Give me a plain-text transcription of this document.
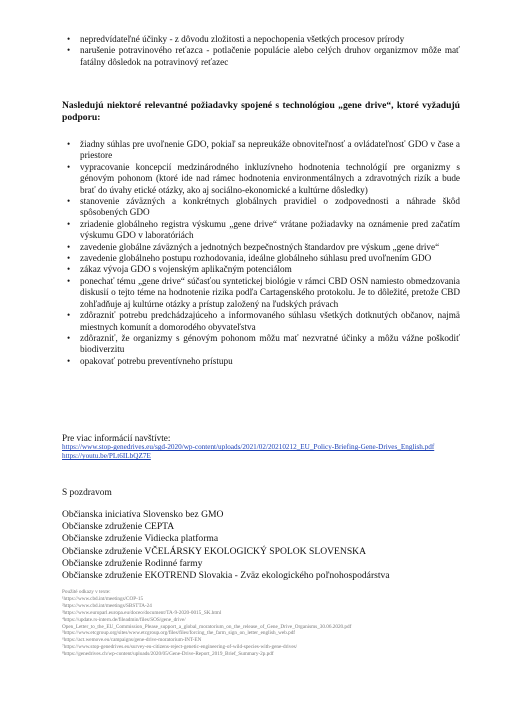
• nepredvídateľné účinky - z dôvodu zložitosti a nepochopenia všetkých procesov prírody
• narušenie potravinového reťazca - potlačenie populácie alebo celých druhov organizmov môže mať fatálny dôsledok na potravinový reťazec
Nasledujú niektoré relevantné požiadavky spojené s technológiou „gene drive“, ktoré vyžadujú podporu:
• žiadny súhlas pre uvoľnenie GDO, pokiaľ sa nepreukáže obnoviteľnosť a ovládateľnosť GDO v čase a priestore
• vypracovanie koncepcií medzinárodného inkluzívneho hodnotenia technológií pre organizmy s génovým pohonom (ktoré ide nad rámec hodnotenia environmentálnych a zdravotných rizík a bude brať do úvahy etické otázky, ako aj sociálno-ekonomické a kultúrne dôsledky)
• stanovenie záväzných a konkrétnych globálnych pravidiel o zodpovednosti a náhrade škôd spôsobených GDO
• zriadenie globálneho registra výskumu „gene drive“ vrátane požiadavky na oznámenie pred začatím výskumu GDO v laboratóriách
• zavedenie globálne záväzných a jednotných bezpečnostných štandardov pre výskum „gene drive“
• zavedenie globálneho postupu rozhodovania, ideálne globálneho súhlasu pred uvoľnením GDO
• zákaz vývoja GDO s vojenským aplikačným potenciálom
• ponechať tému „gene drive“ súčasťou syntetickej biológie v rámci CBD OSN namiesto obmedzovania diskusií o tejto téme na hodnotenie rizika podľa Cartagenského protokolu. Je to dôležité, pretože CBD zohľadňuje aj kultúrne otázky a prístup založený na ľudských právach
• zdôrazniť potrebu predchádzajúceho a informovaného súhlasu všetkých dotknutých občanov, najmä miestnych komunít a domorodého obyvateľstva
• zdôrazniť, že organizmy s génovým pohonom môžu mať nezvratné účinky a môžu vážne poškodiť biodiverzitu
• opakovať potrebu preventívneho prístupu
Pre viac informácií navštívte:
https://www.stop-genedrives.eu/sgd-2020/wp-content/uploads/2021/02/20210212_EU_Policy-Briefing-Gene-Drives_English.pdf
https://youtu.be/PLt6ILbQZ7E
S pozdravom
Občianska iniciatíva Slovensko bez GMO
Občianske združenie CEPTA
Občianske združenie Vidiecka platforma
Občianske združenie VČELÁRSKY EKOLOGICKÝ SPOLOK SLOVENSKA
Občianske združenie Rodinné farmy
Občianske združenie EKOTREND Slovakia - Zväz ekologického poľnohospodárstva
Použité odkazy v texte:
¹https://www.cbd.int/meetings/COP-15
²https://www.cbd.int/meetings/SBSTTA-24
³https://www.europarl.europa.eu/doceo/document/TA-9-2020-0015_SK.html
⁴https://update.rs-intern.de/fileadmin/files/SOS/gene_drive/
Open_Letter_to_the_EU_Commission_Please_support_a_global_moratorium_on_the_release_of_Gene_Drive_Organisms_30.06.2020.pdf
⁵https://www.etcgroup.org/sites/www.etcgroup.org/files/files/forcing_the_farm_sign_on_letter_english_web.pdf
⁶https://act.wemove.eu/campaigns/gene-drive-moratorium-INT-EN
⁷https://www.stop-genedrives.eu/survey-eu-citizens-reject-genetic-engineering-of-wild-species-with-gene-drives/
⁸https://genedrives.ch/wp-content/uploads/2020/05/Gene-Drive-Report_2019_Brief_Summary-2p.pdf
